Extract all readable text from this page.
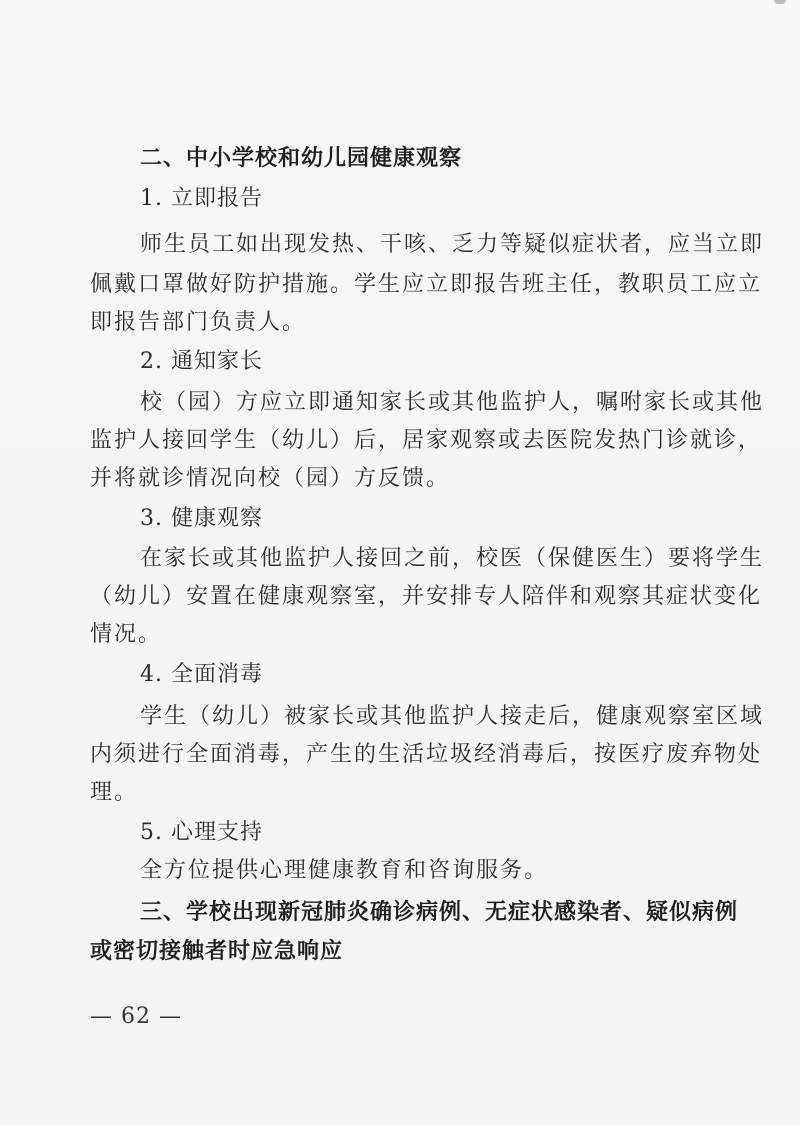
二、中小学校和幼儿园健康观察
1. 立即报告
师生员工如出现发热、干咳、乏力等疑似症状者，应当立即
佩戴口罩做好防护措施。学生应立即报告班主任，教职员工应立
即报告部门负责人。
2. 通知家长
校（园）方应立即通知家长或其他监护人，嘱咐家长或其他
监护人接回学生（幼儿）后，居家观察或去医院发热门诊就诊，
并将就诊情况向校（园）方反馈。
3. 健康观察
在家长或其他监护人接回之前，校医（保健医生）要将学生
（幼儿）安置在健康观察室，并安排专人陪伴和观察其症状变化
情况。
4. 全面消毒
学生（幼儿）被家长或其他监护人接走后，健康观察室区域
内须进行全面消毒，产生的生活垃圾经消毒后，按医疗废弃物处
理。
5. 心理支持
全方位提供心理健康教育和咨询服务。
三、学校出现新冠肺炎确诊病例、无症状感染者、疑似病例
或密切接触者时应急响应
— 62 —
